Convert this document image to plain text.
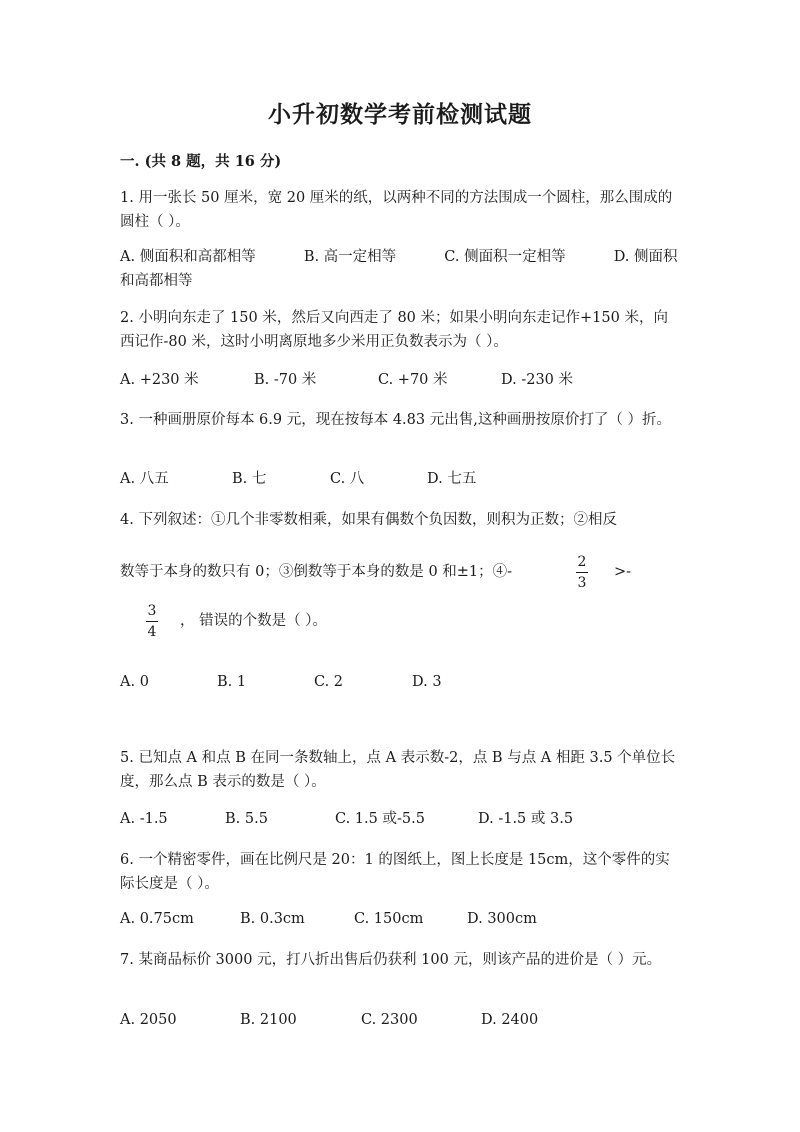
小升初数学考前检测试题
一. (共 8 题，共 16 分)
1. 用一张长 50 厘米，宽 20 厘米的纸，以两种不同的方法围成一个圆柱，那么围成的圆柱（ ）。
A. 侧面积和高都相等   	B. 高一定相等   	C. 侧面积一定相等   	D. 侧面积和高都相等
2. 小明向东走了 150 米，然后又向西走了 80 米；如果小明向东走记作+150 米，向西记作-80 米，这时小明离原地多少米用正负数表示为（ ）。
A. +230 米	B. -70 米	C. +70 米	D. -230 米
3. 一种画册原价每本 6.9 元，现在按每本 4.83 元出售,这种画册按原价打了（ ）折。
A. 八五	B. 七	C. 八	D. 七五
4. 下列叙述：①几个非零数相乘，如果有偶数个负因数，则积为正数；②相反
数等于本身的数只有 0；③倒数等于本身的数是 0 和±1；④-
2
3
>-
3
4
， 错误的个数是（ ）。
A. 0	B. 1	C. 2	D. 3
5. 已知点 A 和点 B 在同一条数轴上，点 A 表示数-2，点 B 与点 A 相距 3.5 个单位长度，那么点 B 表示的数是（ ）。
A. -1.5	B. 5.5	C. 1.5 或-5.5	D. -1.5 或 3.5
6. 一个精密零件，画在比例尺是 20：1 的图纸上，图上长度是 15cm，这个零件的实际长度是（ ）。
A. 0.75cm	B. 0.3cm	C. 150cm	D. 300cm
7. 某商品标价 3000 元，打八折出售后仍获利 100 元，则该产品的进价是（ ）元。
A. 2050	B. 2100	C. 2300	D. 2400
